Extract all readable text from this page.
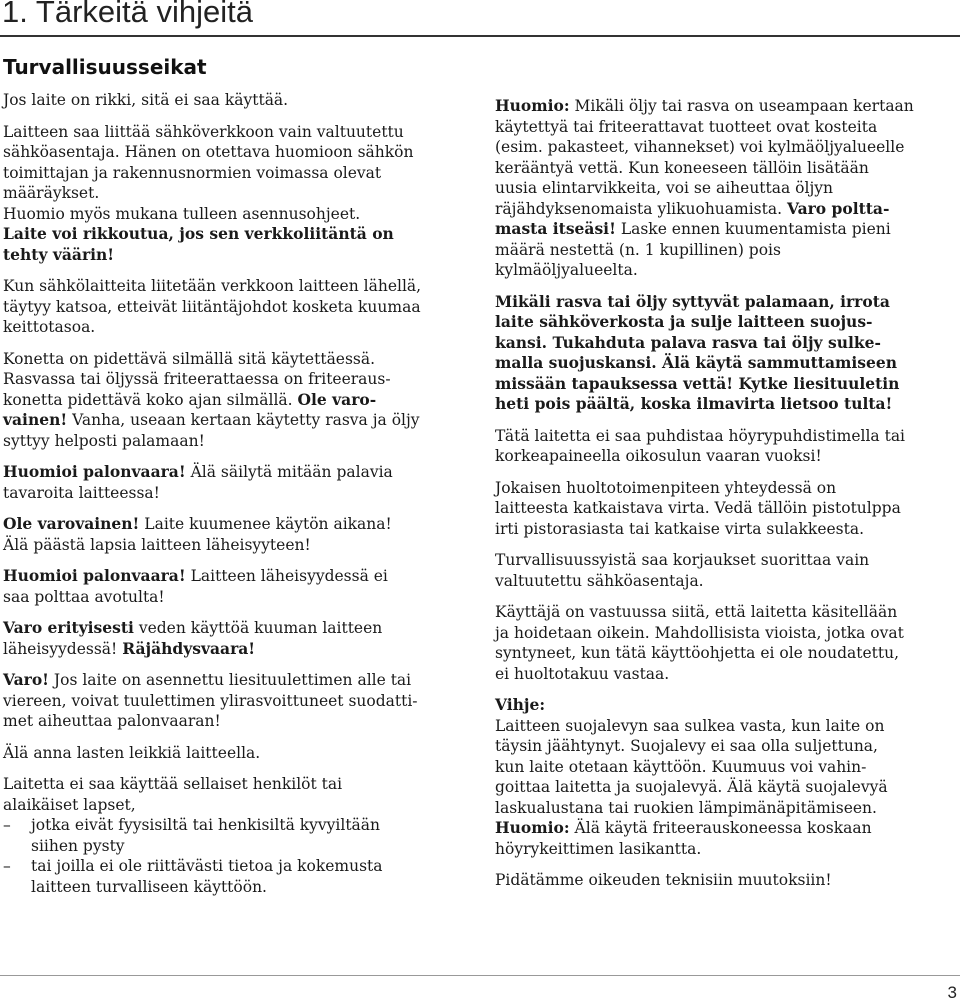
1. Tärkeitä vihjeitä
Turvallisuusseikat

Jos laite on rikki, sitä ei saa käyttää.

Laitteen saa liittää sähköverkkoon vain valtuutettu
sähköasentaja. Hänen on otettava huomioon sähkön
toimittajan ja rakennusnormien voimassa olevat
määräykset.
Huomio myös mukana tulleen asennusohjeet.
Laite voi rikkoutua, jos sen verkkoliitäntä on
tehty väärin!

Kun sähkölaitteita liitetään verkkoon laitteen lähellä,
täytyy katsoa, etteivät liitäntäjohdot kosketa kuumaa
keittotasoa.

Konetta on pidettävä silmällä sitä käytettäessä.
Rasvassa tai öljyssä friteerattaessa on friteerаus-
konetta pidettävä koko ajan silmällä. Ole varo-
vainen! Vanha, useaan kertaan käytetty rasva ja öljy
syttyy helposti palamaan!

Huomioi palonvaara! Älä säilytä mitään palavia
tavaroita laitteessa!

Ole varovainen! Laite kuumenee käytön aikana!
Älä päästä lapsia laitteen läheisyyteen!

Huomioi palonvaara! Laitteen läheisyydessä ei
saa polttaa avotulta!

Varo erityisesti veden käyttöä kuuman laitteen
läheisyydessä! Räjähdysvaara!

Varo! Jos laite on asennettu liesituulettimen alle tai
viereen, voivat tuulettimen ylirasvoittuneet suodatti-
met aiheuttaa palonvaaran!

Älä anna lasten leikkiä laitteella.

Laitetta ei saa käyttää sellaiset henkilöt tai
alaikäiset lapset,
– jotka eivät fyysisiltä tai henkisiltä kyvyiltään
siihen pysty
– tai joilla ei ole riittävästi tietoa ja kokemusta
laitteen turvalliseen käyttöön.

Huomio: Mikäli öljy tai rasva on useampaan kertaan
käytettyä tai friteerattavat tuotteet ovat kosteita
(esim. pakasteet, vihannekset) voi kylmäöljyalueelle
kerääntyä vettä. Kun koneeseen tällöin lisätään
uusia elintarvikkeita, voi se aiheuttaa öljyn
räjähdyksenomaista ylikuohuamista. Varo poltta-
masta itseäsi! Laske ennen kuumentamista pieni
määrä nestettä (n. 1 kupillinen) pois
kylmäöljyalueelta.

Mikäli rasva tai öljy syttyvät palamaan, irrota
laite sähköverkosta ja sulje laitteen suojus-
kansi. Tukahduta palava rasva tai öljy sulke-
malla suojuskansi. Älä käytä sammuttamiseen
missään tapauksessa vettä! Kytke liesituuletin
heti pois päältä, koska ilmavirta lietsoo tulta!

Tätä laitetta ei saa puhdistaa höyrypuhdistimella tai
korkeapaineella oikosulun vaaran vuoksi!

Jokaisen huoltotoimenpiteen yhteydessä on
laitteesta katkaistava virta. Vedä tällöin pistotulppa
irti pistorasiasta tai katkaise virta sulakkeesta.

Turvallisuussyistä saa korjaukset suorittaa vain
valtuutettu sähköasentaja.

Käyttäjä on vastuussa siitä, että laitetta käsitellään
ja hoidetaan oikein. Mahdollisista vioista, jotka ovat
syntyneet, kun tätä käyttöohjetta ei ole noudatettu,
ei huoltotakuu vastaa.

Vihje:
Laitteen suojalevyn saa sulkea vasta, kun laite on
täysin jäähtynyt. Suojalevy ei saa olla suljettuna,
kun laite otetaan käyttöön. Kuumuus voi vahin-
goittaa laitetta ja suojalevyä. Älä käytä suojalevyä
laskualustana tai ruokien lämpimänäpitämiseen.
Huomio: Älä käytä friteerauskoneessa koskaan
höyrykeittimen lasikantta.

Pidätämme oikeuden teknisiin muutoksiin!

3
